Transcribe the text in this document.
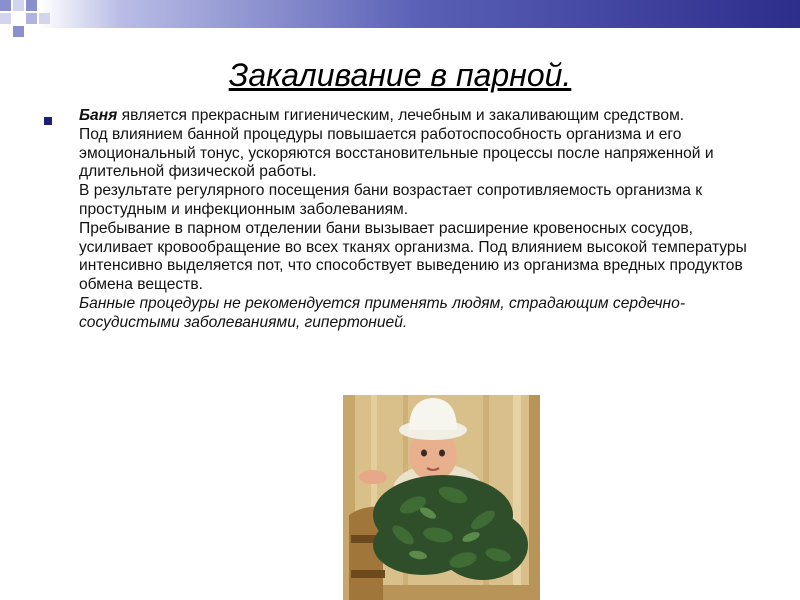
Закаливание в парной.

Баня является прекрасным гигиеническим, лечебным и закаливающим средством.

Под влиянием банной процедуры повышается работоспособность организма и его эмоциональный тонус, ускоряются восстановительные процессы после напряженной и длительной физической работы.

В результате регулярного посещения бани возрастает сопротивляемость организма к простудным и инфекционным заболеваниям.

Пребывание в парном отделении бани вызывает расширение кровеносных сосудов, усиливает кровообращение во всех тканях организма. Под влиянием высокой температуры интенсивно выделяется пот, что способствует выведению из организма вредных продуктов обмена веществ.

Банные процедуры не рекомендуется применять людям, страдающим сердечно-сосудистыми заболеваниями, гипертонией.
